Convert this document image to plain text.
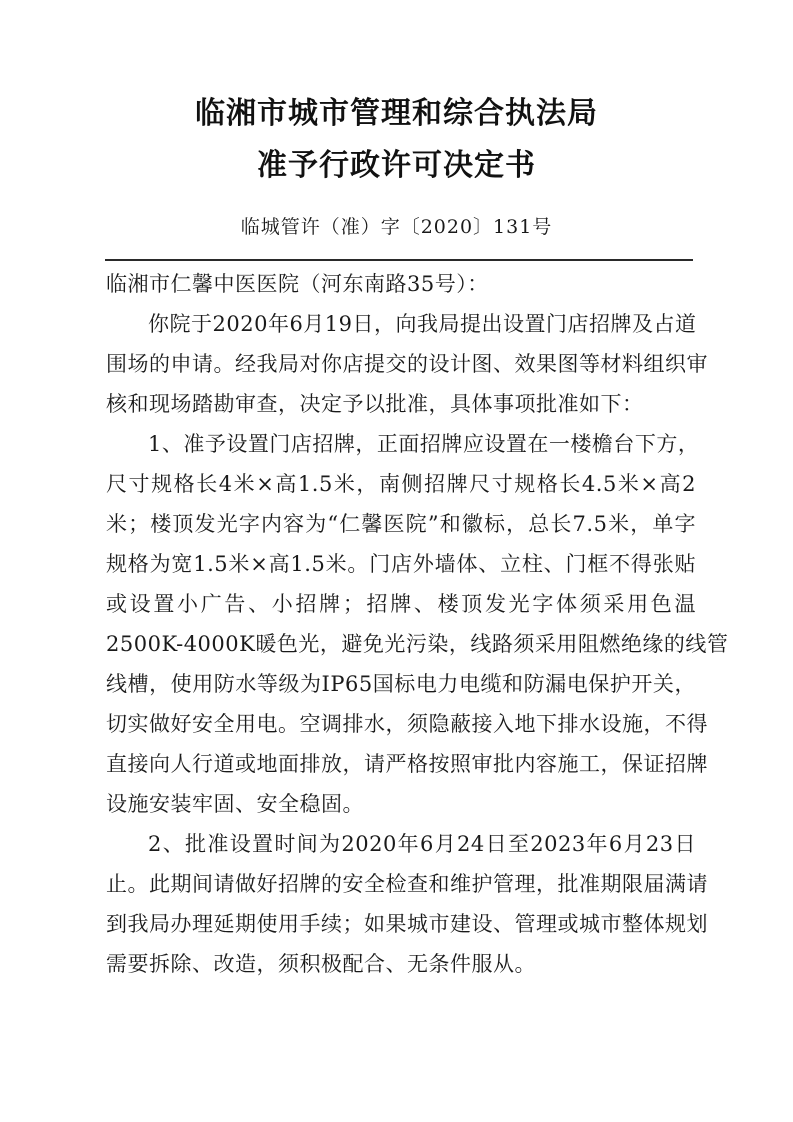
临湘市城市管理和综合执法局
准予行政许可决定书
临城管许（准）字〔2020〕131号
临湘市仁馨中医医院（河东南路35号）：
你院于2020年6月19日，向我局提出设置门店招牌及占道
围场的申请。经我局对你店提交的设计图、效果图等材料组织审
核和现场踏勘审查，决定予以批准，具体事项批准如下：
1、准予设置门店招牌，正面招牌应设置在一楼檐台下方，
尺寸规格长4米×高1.5米，南侧招牌尺寸规格长4.5米×高2
米；楼顶发光字内容为“仁馨医院”和徽标，总长7.5米，单字
规格为宽1.5米×高1.5米。门店外墙体、立柱、门框不得张贴
或设置小广告、小招牌；招牌、楼顶发光字体须采用色温
2500K-4000K暖色光，避免光污染，线路须采用阻燃绝缘的线管
线槽，使用防水等级为IP65国标电力电缆和防漏电保护开关，
切实做好安全用电。空调排水，须隐蔽接入地下排水设施，不得
直接向人行道或地面排放，请严格按照审批内容施工，保证招牌
设施安装牢固、安全稳固。
2、批准设置时间为2020年6月24日至2023年6月23日
止。此期间请做好招牌的安全检查和维护管理，批准期限届满请
到我局办理延期使用手续；如果城市建设、管理或城市整体规划
需要拆除、改造，须积极配合、无条件服从。
